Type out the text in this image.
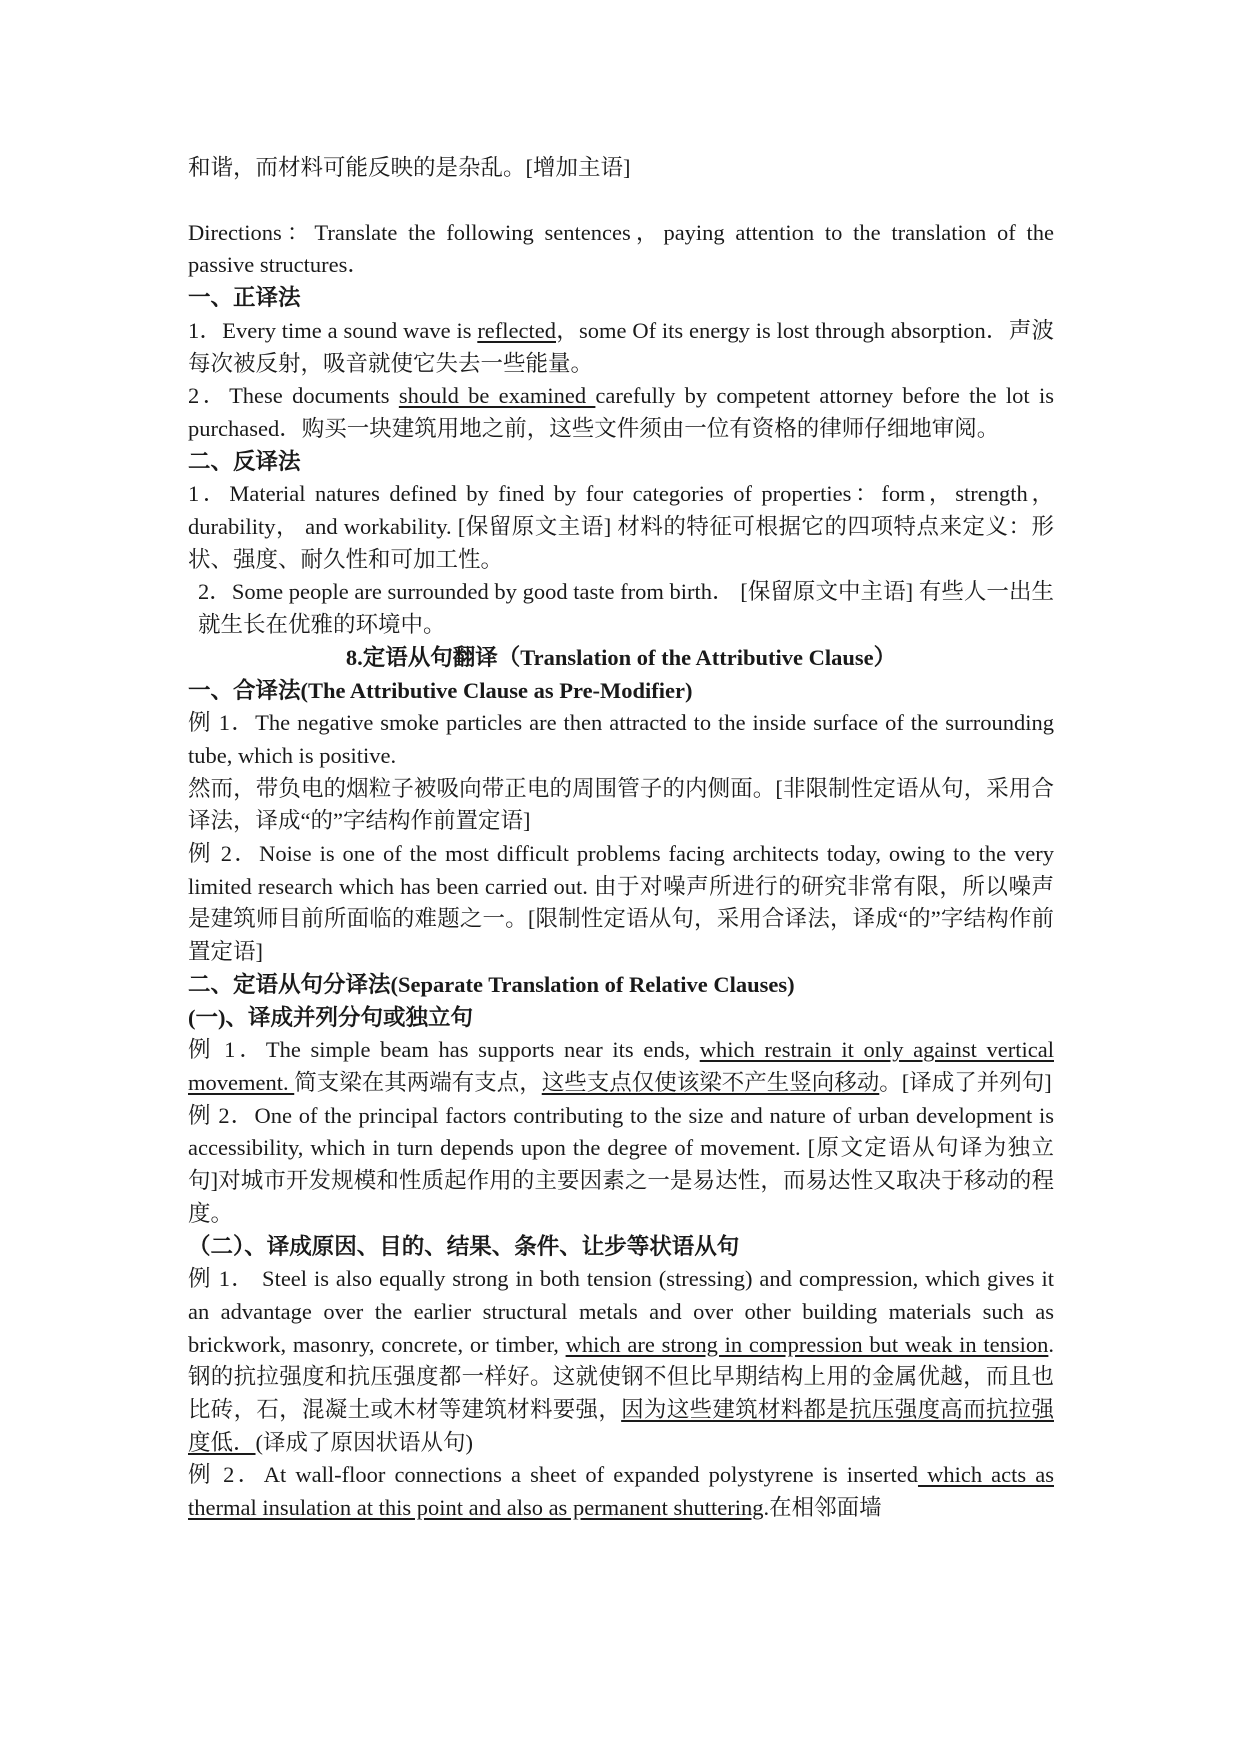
和谐，而材料可能反映的是杂乱。[增加主语]

Directions：Translate the following sentences，paying attention to the translation of the passive structures．

一、正译法

1．Every time a sound wave is reflected，some Of its energy is lost through absorption．声波每次被反射，吸音就使它失去一些能量。

2．These documents should be examined carefully by competent attorney before the lot is purchased．购买一块建筑用地之前，这些文件须由一位有资格的律师仔细地审阅。

二、反译法

1．Material natures defined by fined by four categories of properties：form，strength，durability， and workability. [保留原文主语] 材料的特征可根据它的四项特点来定义：形状、强度、耐久性和可加工性。

2．Some people are surrounded by good taste from birth． [保留原文中主语] 有些人一出生就生长在优雅的环境中。

8.定语从句翻译（Translation of the Attributive Clause）

一、合译法(The Attributive Clause as Pre-Modifier)

例 1．The negative smoke particles are then attracted to the inside surface of the surrounding tube, which is positive.

然而，带负电的烟粒子被吸向带正电的周围管子的内侧面。[非限制性定语从句，采用合译法，译成“的”字结构作前置定语]

例 2．Noise is one of the most difficult problems facing architects today, owing to the very limited research which has been carried out. 由于对噪声所进行的研究非常有限，所以噪声是建筑师目前所面临的难题之一。[限制性定语从句，采用合译法，译成“的”字结构作前置定语]

二、定语从句分译法(Separate Translation of Relative Clauses)

(一)、译成并列分句或独立句

例 1．The simple beam has supports near its ends, which restrain it only against vertical movement. 简支梁在其两端有支点，这些支点仅使该梁不产生竖向移动。[译成了并列句]

例 2．One of the principal factors contributing to the size and nature of urban development is accessibility, which in turn depends upon the degree of movement. [原文定语从句译为独立句]对城市开发规模和性质起作用的主要因素之一是易达性，而易达性又取决于移动的程度。

（二）、译成原因、目的、结果、条件、让步等状语从句

例 1． Steel is also equally strong in both tension (stressing) and compression, which gives it an advantage over the earlier structural metals and over other building materials such as brickwork, masonry, concrete, or timber, which are strong in compression but weak in tension.钢的抗拉强度和抗压强度都一样好。这就使钢不但比早期结构上用的金属优越，而且也比砖，石，混凝土或木材等建筑材料要强，因为这些建筑材料都是抗压强度高而抗拉强度低．(译成了原因状语从句)

例 2．At wall-floor connections a sheet of expanded polystyrene is inserted which acts as thermal insulation at this point and also as permanent shuttering.在相邻面墙
